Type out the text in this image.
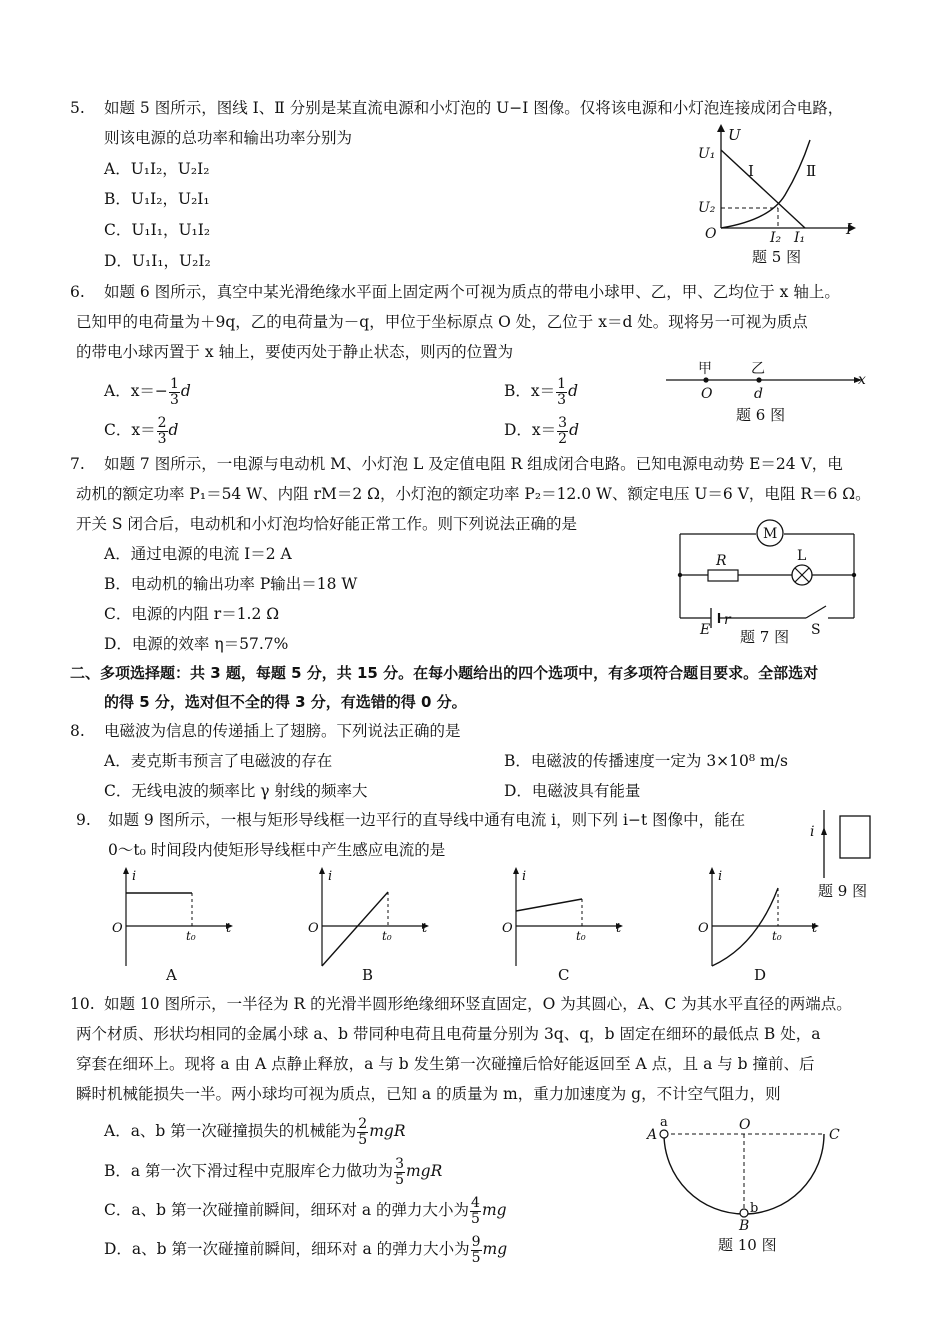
5. 如题 5 图所示，图线 Ⅰ、Ⅱ 分别是某直流电源和小灯泡的 U−I 图像。仅将该电源和小灯泡连接成闭合电路，
则该电源的总功率和输出功率分别为
A．U₁I₂，U₂I₂
B．U₁I₂，U₂I₁
C．U₁I₁，U₁I₂
D．U₁I₁，U₂I₂
U
U₁
U₂
O	I₂ I₁	I
Ⅰ	Ⅱ
题 5 图
6. 如题 6 图所示，真空中某光滑绝缘水平面上固定两个可视为质点的带电小球甲、乙，甲、乙均位于 x 轴上。
已知甲的电荷量为＋9q，乙的电荷量为－q，甲位于坐标原点 O 处，乙位于 x＝d 处。现将另一可视为质点
的带电小球丙置于 x 轴上，要使丙处于静止状态，则丙的位置为
A．$x=- \frac{1}{3}$ d	B．$x= \frac{1}{3}$ d
C．$x= \frac{2}{3}$ d	D．$x= \frac{3}{2}$ d
甲	乙
O	d
x
题 6 图
7. 如题 7 图所示，一电源与电动机 M、小灯泡 L 及定值电阻 R 组成闭合电路。已知电源电动势 E＝24 V，电
动机的额定功率 P₁＝54 W、内阻 rM＝2 Ω，小灯泡的额定功率 P₂＝12.0 W、额定电压 U＝6 V，电阻 R＝6 Ω。
开关 S 闭合后，电动机和小灯泡均恰好能正常工作。则下列说法正确的是
A．通过电源的电流 I＝2 A
B．电动机的输出功率 P输出＝18 W
C．电源的内阻 r＝1.2 Ω
D．电源的效率 η＝57.7%
M
R	L
E
r
S
题 7 图
二、多项选择题：共 3 题，每题 5 分，共 15 分。在每小题给出的四个选项中，有多项符合题目要求。全部选对
的得 5 分，选对但不全的得 3 分，有选错的得 0 分。
8. 电磁波为信息的传递插上了翅膀。下列说法正确的是
A．麦克斯韦预言了电磁波的存在	B．电磁波的传播速度一定为 3×10⁸ m/s
C．无线电波的频率比 γ 射线的频率大	D．电磁波具有能量
9. 如题 9 图所示，一根与矩形导线框一边平行的直导线中通有电流 i，则下列 i−t 图像中，能在
0～t₀ 时间段内使矩形导线框中产生感应电流的是
i
题 9 图
i
O	t₀ t
A
i
O	t₀ t
B
i
O	t₀ t
C
i
O	t₀ t
D
10. 如题 10 图所示，一半径为 R 的光滑半圆形绝缘细环竖直固定，O 为其圆心，A、C 为其水平直径的两端点。
两个材质、形状均相同的金属小球 a、b 带同种电荷且电荷量分别为 3q、q，b 固定在细环的最低点 B 处，a
穿套在细环上。现将 a 由 A 点静止释放，a 与 b 发生第一次碰撞后恰好能返回至 A 点，且 a 与 b 撞前、后
瞬时机械能损失一半。两小球均可视为质点，已知 a 的质量为 m，重力加速度为 g，不计空气阻力，则
A．a、b 第一次碰撞损失的机械能为 $\frac{2}{5}$ mgR
B．a 第一次下滑过程中克服库仑力做功为 $\frac{3}{5}$ mgR
C．a、b 第一次碰撞前瞬间，细环对 a 的弹力大小为 $\frac{4}{5}$ mg
D．a、b 第一次碰撞前瞬间，细环对 a 的弹力大小为 $\frac{9}{5}$ mg
a
A
O
C
b
B
题 10 图
